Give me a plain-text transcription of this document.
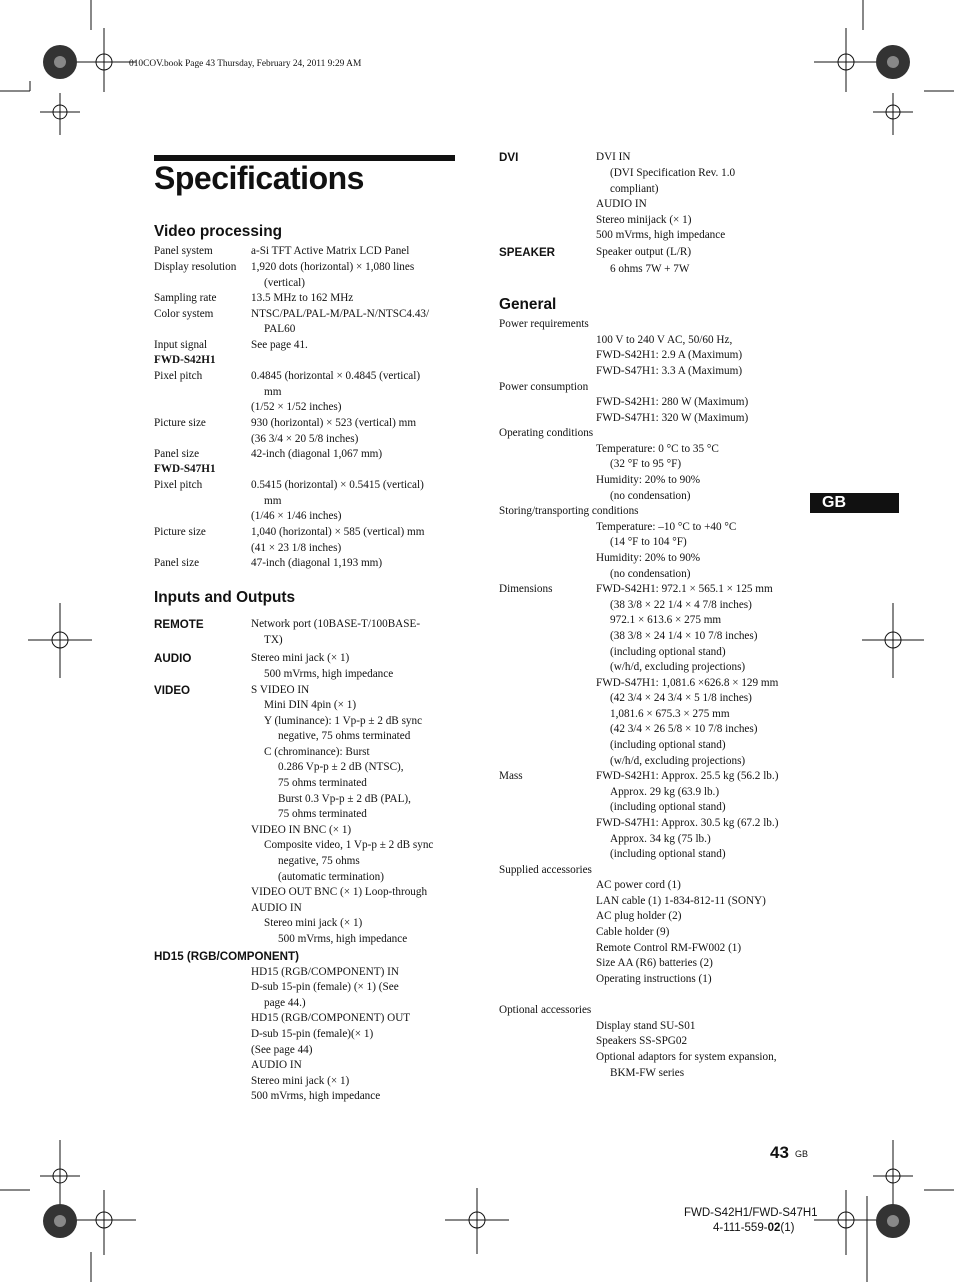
010COV.book Page 43 Thursday, February 24, 2011 9:29 AM
Specifications
Video processing
Panel system	a-Si TFT Active Matrix LCD Panel
Display resolution 1,920 dots (horizontal) × 1,080 lines
(vertical)
Sampling rate	13.5 MHz to 162 MHz
Color system	NTSC/PAL/PAL-M/PAL-N/NTSC4.43/
PAL60
Input signal	See page 41.
FWD-S42H1
Pixel pitch	0.4845 (horizontal × 0.4845 (vertical)
mm
(1/52 × 1/52 inches)
Picture size	930 (horizontal) × 523 (vertical) mm
(36 3/4 × 20 5/8 inches)
Panel size	42-inch (diagonal 1,067 mm)
FWD-S47H1
Pixel pitch	0.5415 (horizontal) × 0.5415 (vertical)
mm
(1/46 × 1/46 inches)
Picture size	1,040 (horizontal) × 585 (vertical) mm
(41 × 23 1/8 inches)
Panel size	47-inch (diagonal 1,193 mm)
Inputs and Outputs
REMOTE	Network port (10BASE-T/100BASE-
TX)
AUDIO	Stereo mini jack (× 1)
500 mVrms, high impedance
VIDEO	S VIDEO IN
Mini DIN 4pin (× 1)
Y (luminance): 1 Vp-p ± 2 dB sync
negative, 75 ohms terminated
C (chrominance): Burst
0.286 Vp-p ± 2 dB (NTSC),
75 ohms terminated
Burst 0.3 Vp-p ± 2 dB (PAL),
75 ohms terminated
VIDEO IN BNC (× 1)
Composite video, 1 Vp-p ± 2 dB sync
negative, 75 ohms
(automatic termination)
VIDEO OUT BNC (× 1) Loop-through
AUDIO IN
Stereo mini jack (× 1)
500 mVrms, high impedance
HD15 (RGB/COMPONENT)
HD15 (RGB/COMPONENT) IN
D-sub 15-pin (female) (× 1) (See
page 44.)
HD15 (RGB/COMPONENT) OUT
D-sub 15-pin (female)(× 1)
(See page 44)
AUDIO IN
Stereo mini jack (× 1)
500 mVrms, high impedance
DVI	DVI IN
(DVI Specification Rev. 1.0
compliant)
AUDIO IN
Stereo minijack (× 1)
500 mVrms, high impedance
SPEAKER	Speaker output (L/R)
6 ohms 7W + 7W
General
Power requirements
100 V to 240 V AC, 50/60 Hz,
FWD-S42H1: 2.9 A (Maximum)
FWD-S47H1: 3.3 A (Maximum)
Power consumption
FWD-S42H1: 280 W (Maximum)
FWD-S47H1: 320 W (Maximum)
Operating conditions
Temperature: 0 °C to 35 °C
(32 °F to 95 °F)
Humidity: 20% to 90%
(no condensation)
Storing/transporting conditions
Temperature: –10 °C to +40 °C
(14 °F to 104 °F)
Humidity: 20% to 90%
(no condensation)
Dimensions	FWD-S42H1: 972.1 × 565.1 × 125 mm
(38 3/8 × 22 1/4 × 4 7/8 inches)
972.1 × 613.6 × 275 mm
(38 3/8 × 24 1/4 × 10 7/8 inches)
(including optional stand)
(w/h/d, excluding projections)
FWD-S47H1: 1,081.6 ×626.8 × 129 mm
(42 3/4 × 24 3/4 × 5 1/8 inches)
1,081.6 × 675.3 × 275 mm
(42 3/4 × 26 5/8 × 10 7/8 inches)
(including optional stand)
(w/h/d, excluding projections)
Mass	FWD-S42H1: Approx. 25.5 kg (56.2 lb.)
Approx. 29 kg (63.9 lb.)
(including optional stand)
FWD-S47H1: Approx. 30.5 kg (67.2 lb.)
Approx. 34 kg (75 lb.)
(including optional stand)
Supplied accessories
AC power cord (1)
LAN cable (1) 1-834-812-11 (SONY)
AC plug holder (2)
Cable holder (9)
Remote Control RM-FW002 (1)
Size AA (R6) batteries (2)
Operating instructions (1)
Optional accessories
Display stand SU-S01
Speakers SS-SPG02
Optional adaptors for system expansion,
BKM-FW series
GB
43 GB
FWD-S42H1/FWD-S47H1
4-111-559-02(1)
